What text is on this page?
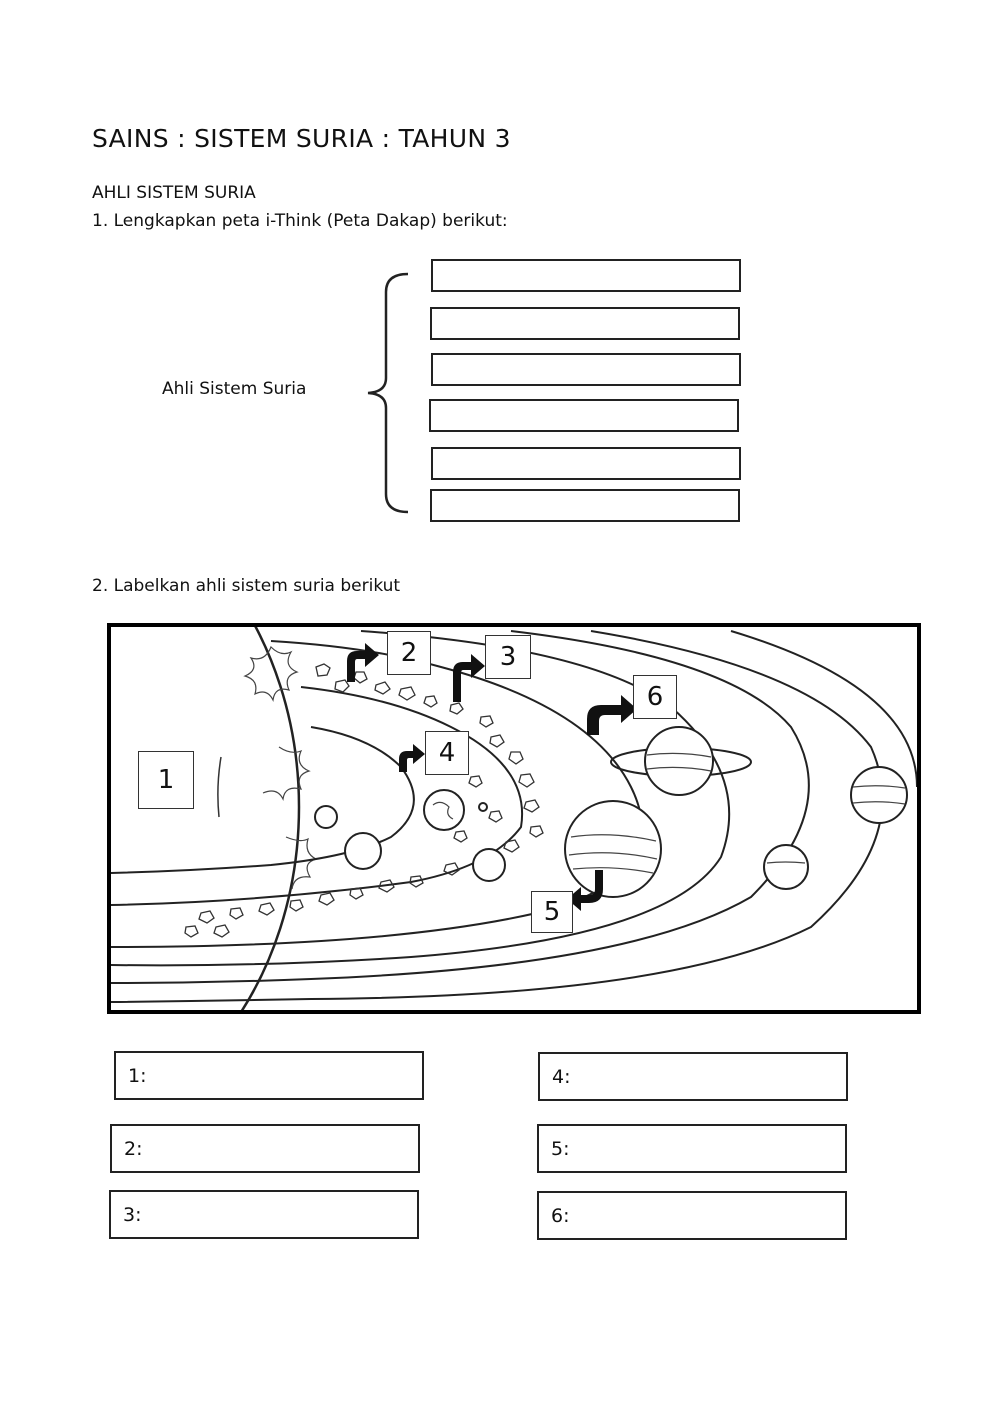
SAINS : SISTEM SURIA : TAHUN 3
AHLI SISTEM SURIA
1. Lengkapkan peta i-Think (Peta Dakap) berikut:
Ahli Sistem Suria
2. Labelkan ahli sistem suria berikut
1
2	3
4
5
6
1:
2:
3:
4:
5:
6:
